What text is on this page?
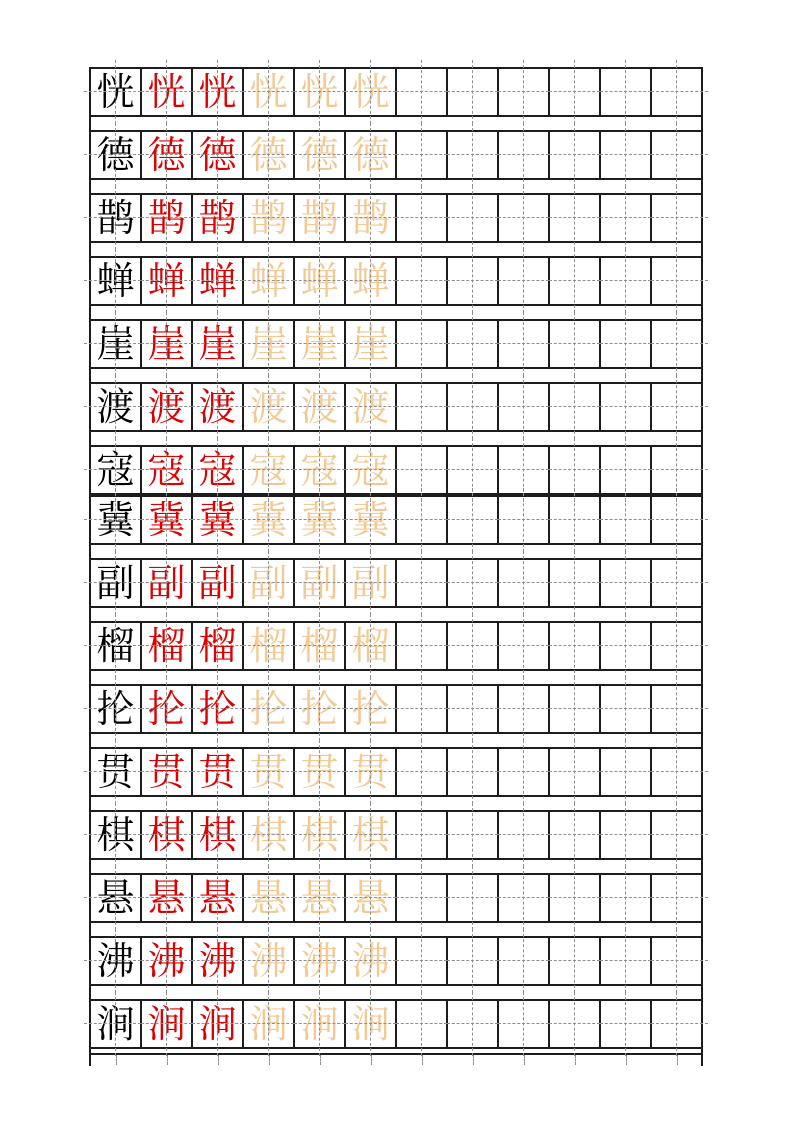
恍 恍 恍 恍 恍 恍
德 德 德 德 德 德
鹊 鹊 鹊 鹊 鹊 鹊
蝉 蝉 蝉 蝉 蝉 蝉
崖 崖 崖 崖 崖 崖
渡 渡 渡 渡 渡 渡
寇 寇 寇 寇 寇 寇
冀 冀 冀 冀 冀 冀
副 副 副 副 副 副
榴 榴 榴 榴 榴 榴
抡 抡 抡 抡 抡 抡
贯 贯 贯 贯 贯 贯
棋 棋 棋 棋 棋 棋
悬 悬 悬 悬 悬 悬
沸 沸 沸 沸 沸 沸
涧 涧 涧 涧 涧 涧
